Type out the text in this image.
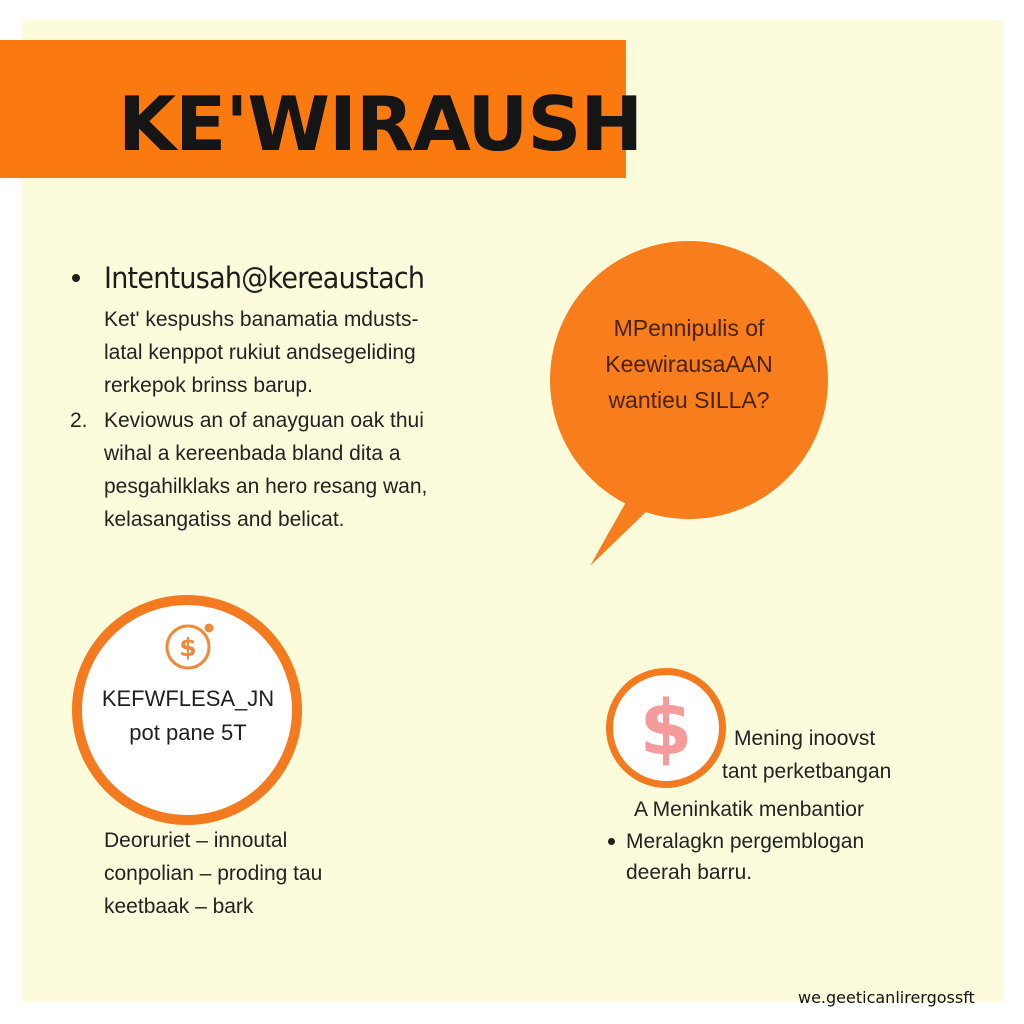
KE'WIRAUSH
Intentusah@kereaustach
Ket' kespushs banamatia mdusts-
latal kenppot rukiut andsegeliding
rerkepok brinss barup.
2. Keviowus an of anayguan oak thui
wihal a kereenbada bland dita a
pesgahilklaks an hero resang wan,
kelasangatiss and belicat.
MPennipulis of
KeewirausaAAN
wantieu SILLA?
$
KEFWFLESA_JN
pot pane 5T
Deoruriet – innoutal
conpolian – proding tau
keetbaak – bark
$	Mening inoovst
tant perketbangan
A Meninkatik menbantior
Meralagkn pergemblogan
deerah barru.
we.geeticanlirergossft
